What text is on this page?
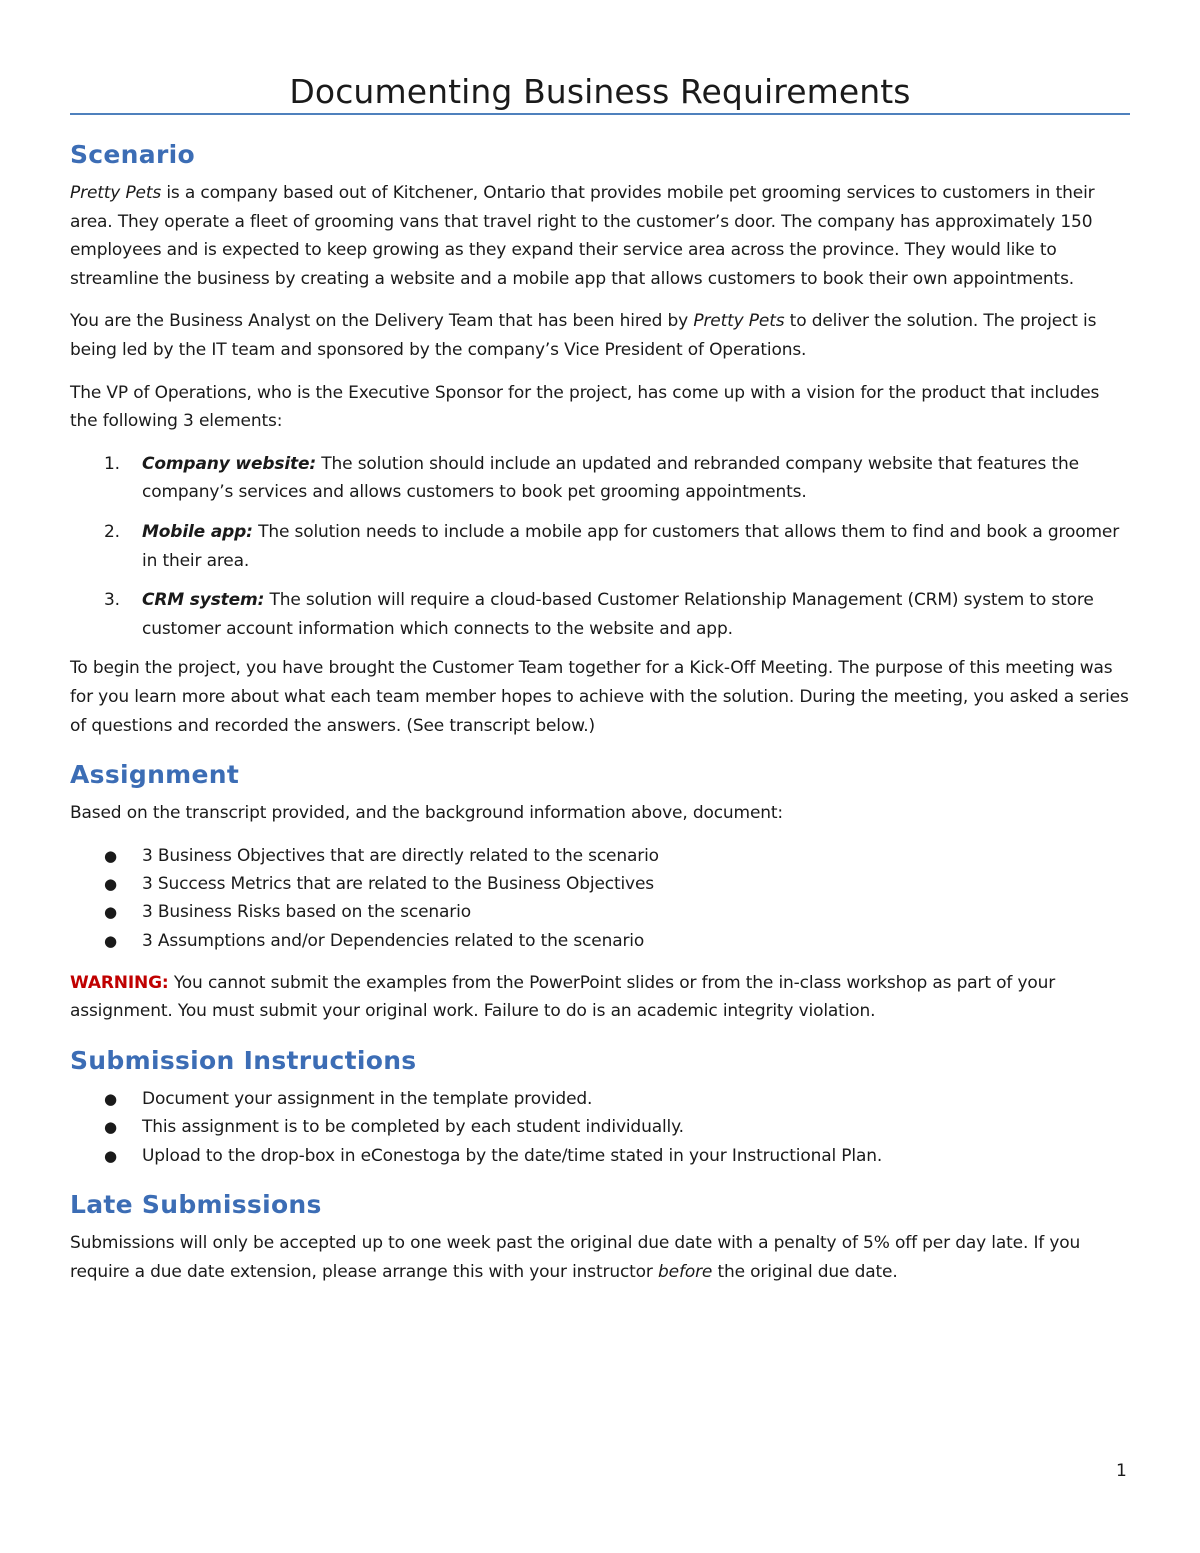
Documenting Business Requirements
Scenario

Pretty Pets is a company based out of Kitchener, Ontario that provides mobile pet grooming services to customers in their area. They operate a fleet of grooming vans that travel right to the customer’s door. The company has approximately 150 employees and is expected to keep growing as they expand their service area across the province. They would like to streamline the business by creating a website and a mobile app that allows customers to book their own appointments.

You are the Business Analyst on the Delivery Team that has been hired by Pretty Pets to deliver the solution. The project is being led by the IT team and sponsored by the company’s Vice President of Operations.

The VP of Operations, who is the Executive Sponsor for the project, has come up with a vision for the product that includes the following 3 elements:

1. Company website: The solution should include an updated and rebranded company website that features the company’s services and allows customers to book pet grooming appointments.
2. Mobile app: The solution needs to include a mobile app for customers that allows them to find and book a groomer in their area.
3. CRM system: The solution will require a cloud-based Customer Relationship Management (CRM) system to store customer account information which connects to the website and app.

To begin the project, you have brought the Customer Team together for a Kick-Off Meeting. The purpose of this meeting was for you learn more about what each team member hopes to achieve with the solution. During the meeting, you asked a series of questions and recorded the answers. (See transcript below.)

Assignment

Based on the transcript provided, and the background information above, document:

● 3 Business Objectives that are directly related to the scenario
● 3 Success Metrics that are related to the Business Objectives
● 3 Business Risks based on the scenario
● 3 Assumptions and/or Dependencies related to the scenario

WARNING: You cannot submit the examples from the PowerPoint slides or from the in-class workshop as part of your assignment. You must submit your original work. Failure to do is an academic integrity violation.

Submission Instructions
● Document your assignment in the template provided.
● This assignment is to be completed by each student individually.
● Upload to the drop-box in eConestoga by the date/time stated in your Instructional Plan.
Late Submissions

Submissions will only be accepted up to one week past the original due date with a penalty of 5% off per day late. If you require a due date extension, please arrange this with your instructor before the original due date.

1
